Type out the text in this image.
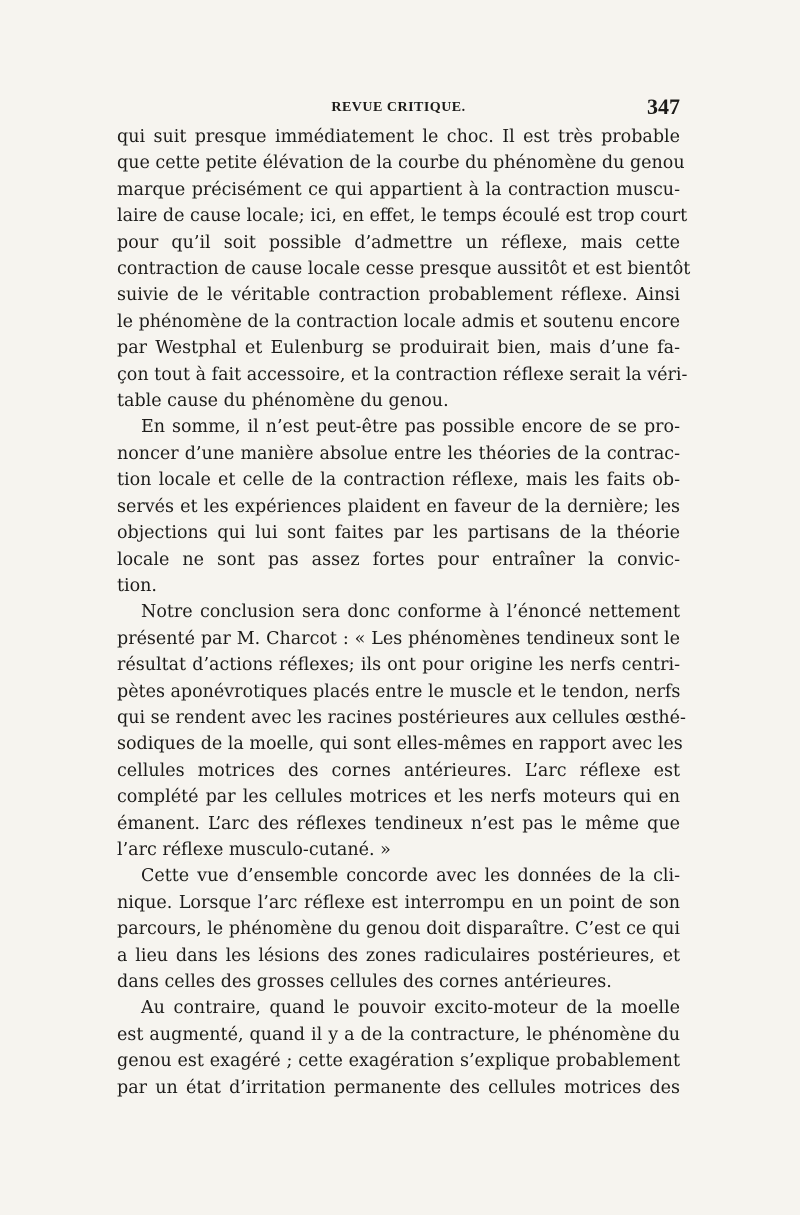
REVUE CRITIQUE.	347

qui suit presque immédiatement le choc. Il est très probable
que cette petite élévation de la courbe du phénomène du genou
marque précisément ce qui appartient à la contraction muscu-
laire de cause locale; ici, en effet, le temps écoulé est trop court
pour qu’il soit possible d’admettre un réflexe, mais cette
contraction de cause locale cesse presque aussitôt et est bientôt
suivie de le véritable contraction probablement réflexe. Ainsi
le phénomène de la contraction locale admis et soutenu encore
par Westphal et Eulenburg se produirait bien, mais d’une fa-
çon tout à fait accessoire, et la contraction réflexe serait la véri-
table cause du phénomène du genou.

En somme, il n’est peut-être pas possible encore de se pro-
noncer d’une manière absolue entre les théories de la contrac-
tion locale et celle de la contraction réflexe, mais les faits ob-
servés et les expériences plaident en faveur de la dernière; les
objections qui lui sont faites par les partisans de la théorie
locale ne sont pas assez fortes pour entraîner la convic-
tion.

Notre conclusion sera donc conforme à l’énoncé nettement
présenté par M. Charcot : « Les phénomènes tendineux sont le
résultat d’actions réflexes; ils ont pour origine les nerfs centri-
pètes aponévrotiques placés entre le muscle et le tendon, nerfs
qui se rendent avec les racines postérieures aux cellules œsthé-
sodiques de la moelle, qui sont elles-mêmes en rapport avec les
cellules motrices des cornes antérieures. L’arc réflexe est
complété par les cellules motrices et les nerfs moteurs qui en
émanent. L’arc des réflexes tendineux n’est pas le même que
l’arc réflexe musculo-cutané. »

Cette vue d’ensemble concorde avec les données de la cli-
nique. Lorsque l’arc réflexe est interrompu en un point de son
parcours, le phénomène du genou doit disparaître. C’est ce qui
a lieu dans les lésions des zones radiculaires postérieures, et
dans celles des grosses cellules des cornes antérieures.

Au contraire, quand le pouvoir excito-moteur de la moelle
est augmenté, quand il y a de la contracture, le phénomène du
genou est exagéré ; cette exagération s’explique probablement
par un état d’irritation permanente des cellules motrices des
